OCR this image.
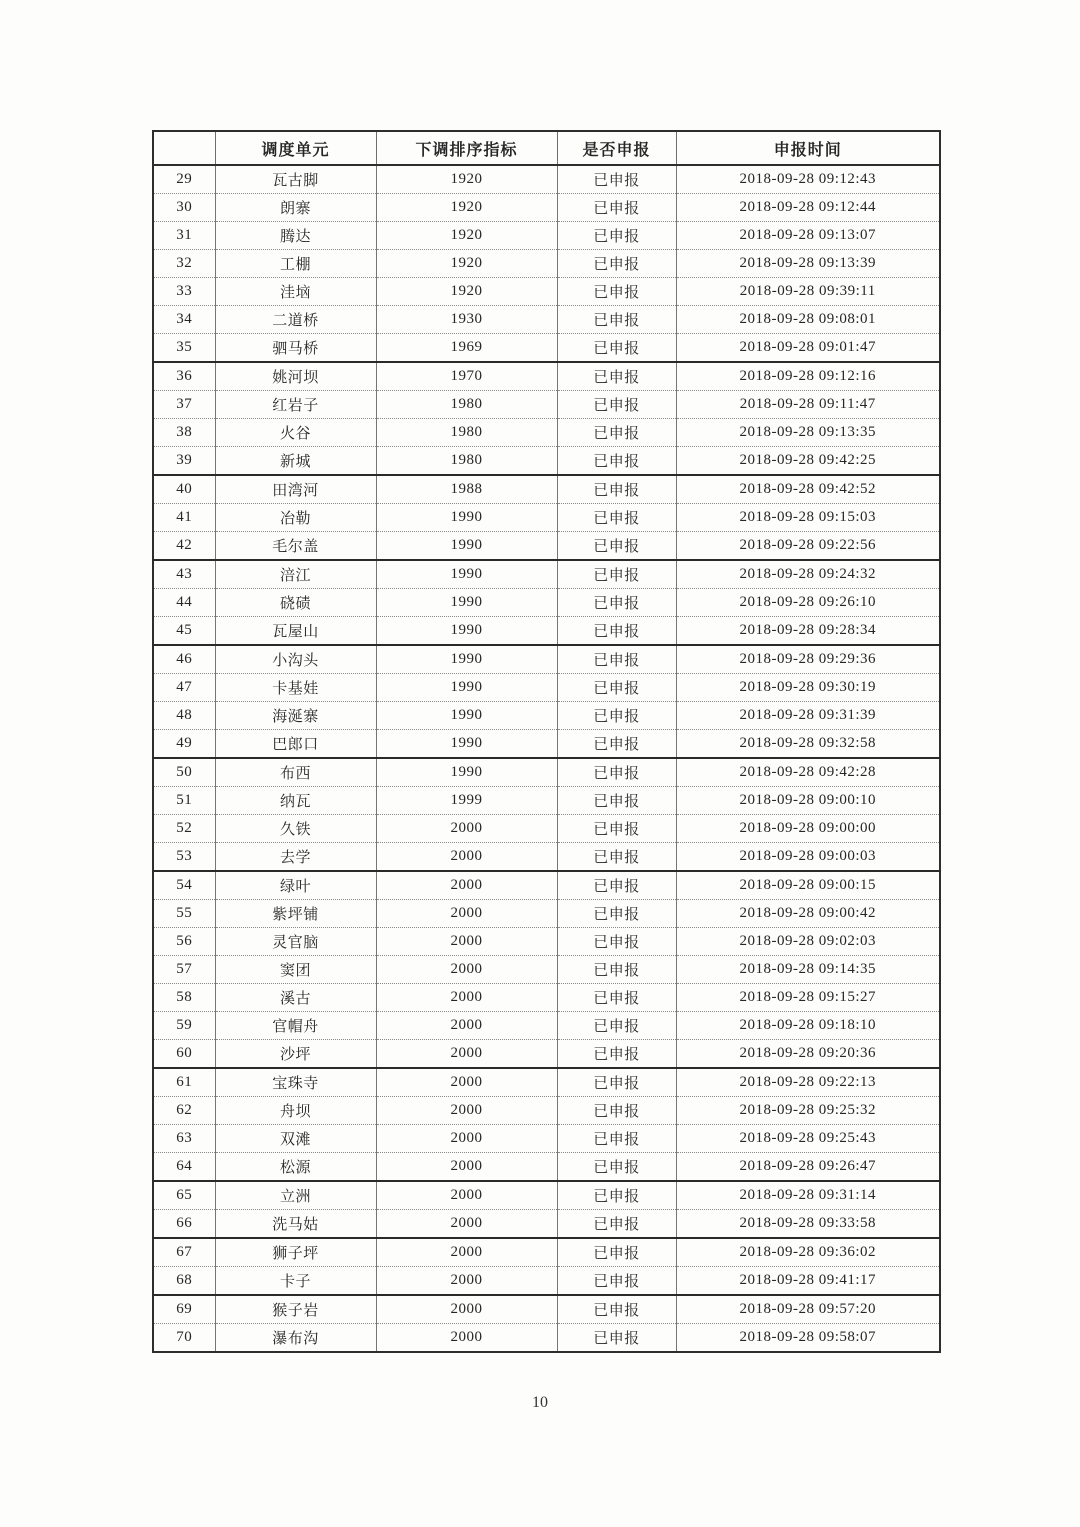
	调度单元	下调排序指标	是否申报	申报时间
29	瓦古脚	1920	已申报	2018-09-28 09:12:43
30	朗寨	1920	已申报	2018-09-28 09:12:44
31	腾达	1920	已申报	2018-09-28 09:13:07
32	工棚	1920	已申报	2018-09-28 09:13:39
33	洼垴	1920	已申报	2018-09-28 09:39:11
34	二道桥	1930	已申报	2018-09-28 09:08:01
35	驷马桥	1969	已申报	2018-09-28 09:01:47
36	姚河坝	1970	已申报	2018-09-28 09:12:16
37	红岩子	1980	已申报	2018-09-28 09:11:47
38	火谷	1980	已申报	2018-09-28 09:13:35
39	新城	1980	已申报	2018-09-28 09:42:25
40	田湾河	1988	已申报	2018-09-28 09:42:52
41	冶勒	1990	已申报	2018-09-28 09:15:03
42	毛尔盖	1990	已申报	2018-09-28 09:22:56
43	涪江	1990	已申报	2018-09-28 09:24:32
44	硗碛	1990	已申报	2018-09-28 09:26:10
45	瓦屋山	1990	已申报	2018-09-28 09:28:34
46	小沟头	1990	已申报	2018-09-28 09:29:36
47	卡基娃	1990	已申报	2018-09-28 09:30:19
48	海涎寨	1990	已申报	2018-09-28 09:31:39
49	巴郎口	1990	已申报	2018-09-28 09:32:58
50	布西	1990	已申报	2018-09-28 09:42:28
51	纳瓦	1999	已申报	2018-09-28 09:00:10
52	久铁	2000	已申报	2018-09-28 09:00:00
53	去学	2000	已申报	2018-09-28 09:00:03
54	绿叶	2000	已申报	2018-09-28 09:00:15
55	紫坪铺	2000	已申报	2018-09-28 09:00:42
56	灵官脑	2000	已申报	2018-09-28 09:02:03
57	窦团	2000	已申报	2018-09-28 09:14:35
58	溪古	2000	已申报	2018-09-28 09:15:27
59	官帽舟	2000	已申报	2018-09-28 09:18:10
60	沙坪	2000	已申报	2018-09-28 09:20:36
61	宝珠寺	2000	已申报	2018-09-28 09:22:13
62	舟坝	2000	已申报	2018-09-28 09:25:32
63	双滩	2000	已申报	2018-09-28 09:25:43
64	松源	2000	已申报	2018-09-28 09:26:47
65	立洲	2000	已申报	2018-09-28 09:31:14
66	洗马姑	2000	已申报	2018-09-28 09:33:58
67	狮子坪	2000	已申报	2018-09-28 09:36:02
68	卡子	2000	已申报	2018-09-28 09:41:17
69	猴子岩	2000	已申报	2018-09-28 09:57:20
70	瀑布沟	2000	已申报	2018-09-28 09:58:07
10
